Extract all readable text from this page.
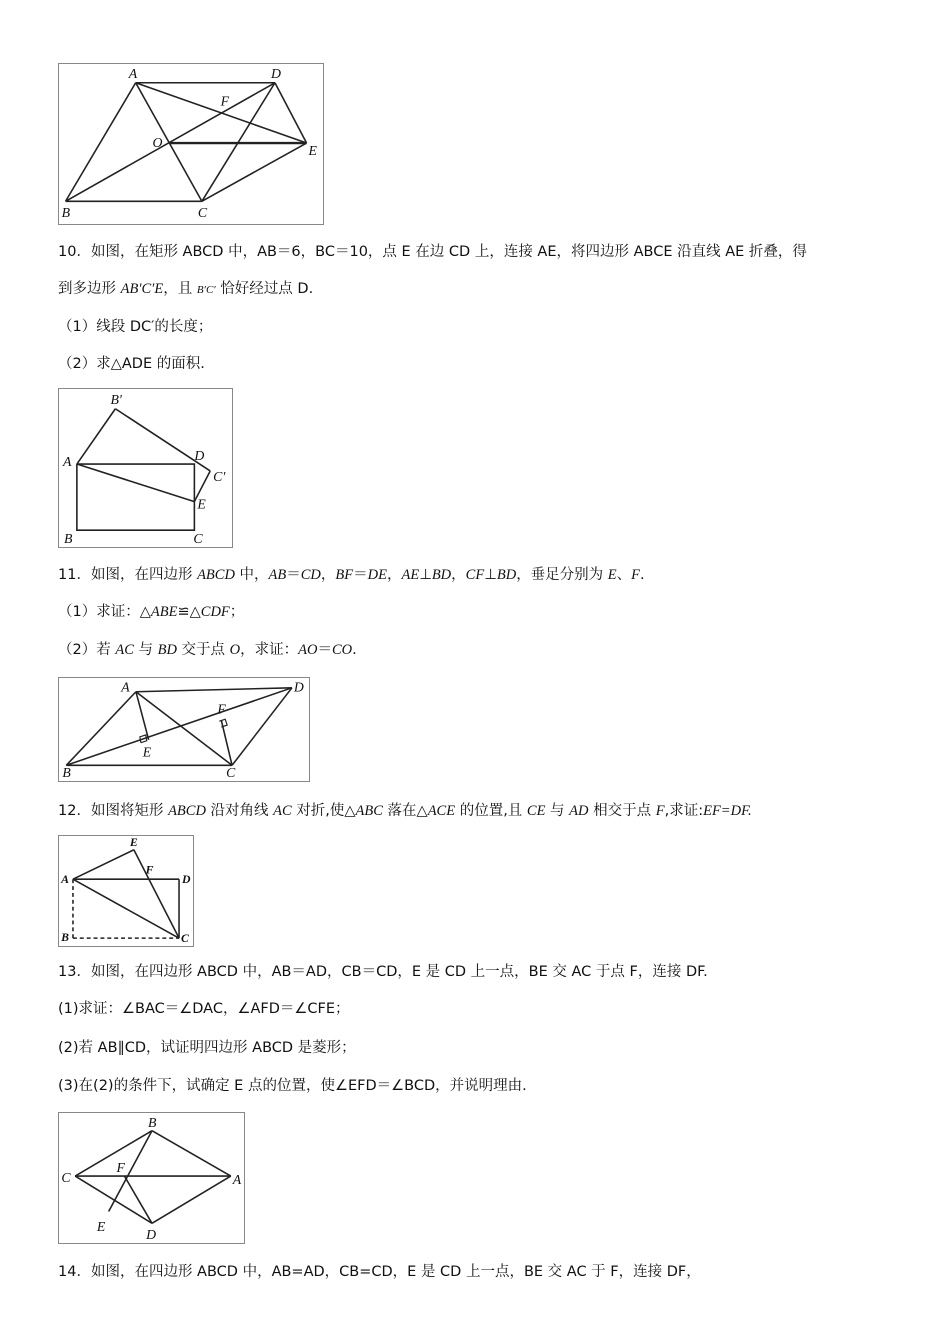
A	D
F
O
E
B	C
10．如图，在矩形 ABCD 中，AB＝6，BC＝10，点 E 在边 CD 上，连接 AE，将四边形 ABCE 沿直线 AE 折叠，得
到多边形 AB′C′E，且 B′C′ 恰好经过点 D.
（1）线段 DC′的长度；
（2）求△ADE 的面积.
B′
A	D
C′
E
B	C
11．如图，在四边形 ABCD 中，AB＝CD，BF＝DE，AE⊥BD，CF⊥BD，垂足分别为 E、F.
（1）求证：△ABE≌△CDF；
（2）若 AC 与 BD 交于点 O，求证：AO＝CO.
A	D
F
E
B	C
12．如图将矩形 ABCD 沿对角线 AC 对折,使△ABC 落在△ACE 的位置,且 CE 与 AD 相交于点 F,求证:EF=DF.
E
F
A	D
B	C
13．如图，在四边形 ABCD 中，AB＝AD，CB＝CD，E 是 CD 上一点，BE 交 AC 于点 F，连接 DF.
(1)求证：∠BAC＝∠DAC，∠AFD＝∠CFE；
(2)若 AB∥CD，试证明四边形 ABCD 是菱形；
(3)在(2)的条件下，试确定 E 点的位置，使∠EFD＝∠BCD，并说明理由.
B
C
F
A
E
D
14．如图，在四边形 ABCD 中，AB=AD，CB=CD，E 是 CD 上一点，BE 交 AC 于 F，连接 DF，
